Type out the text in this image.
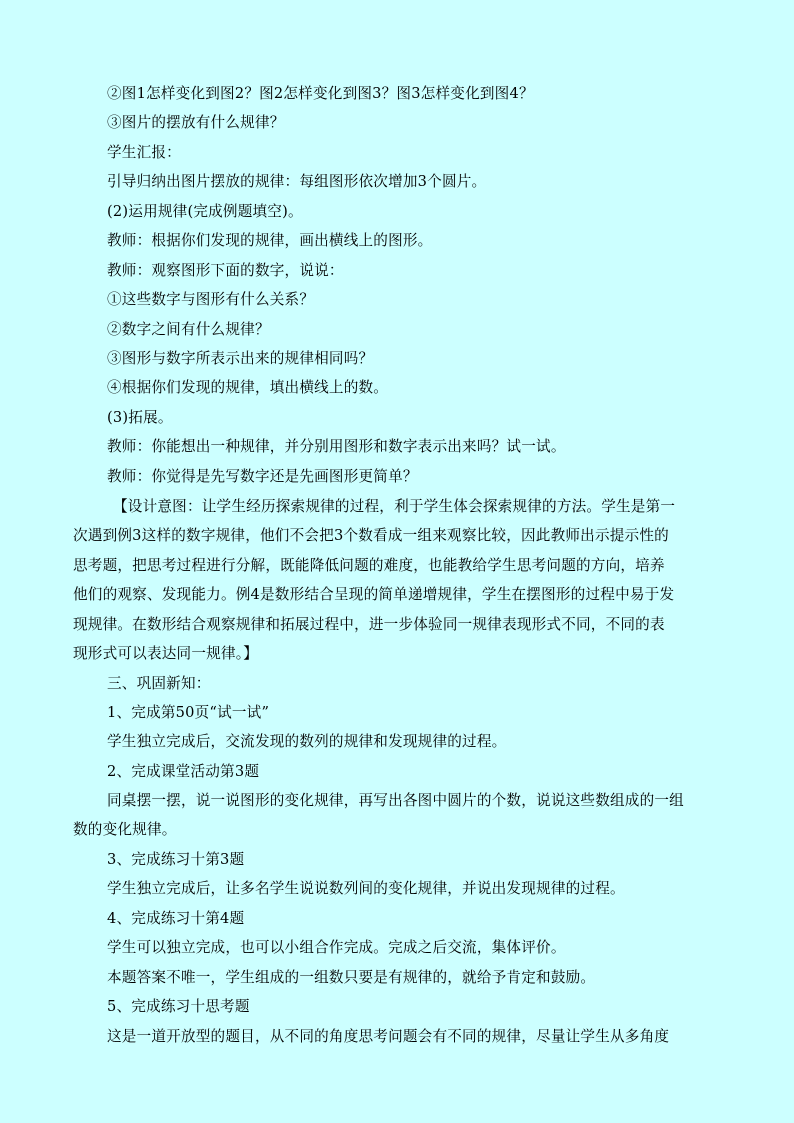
②图1怎样变化到图2？图2怎样变化到图3？图3怎样变化到图4？
③图片的摆放有什么规律？
学生汇报：
引导归纳出图片摆放的规律：每组图形依次增加3个圆片。
(2)运用规律(完成例题填空)。
教师：根据你们发现的规律，画出横线上的图形。
教师：观察图形下面的数字，说说：
①这些数字与图形有什么关系？
②数字之间有什么规律？
③图形与数字所表示出来的规律相同吗？
④根据你们发现的规律，填出横线上的数。
(3)拓展。
教师：你能想出一种规律，并分别用图形和数字表示出来吗？试一试。
教师：你觉得是先写数字还是先画图形更简单？
【设计意图：让学生经历探索规律的过程，利于学生体会探索规律的方法。学生是第一
次遇到例3这样的数字规律，他们不会把3个数看成一组来观察比较，因此教师出示提示性的
思考题，把思考过程进行分解，既能降低问题的难度，也能教给学生思考问题的方向，培养
他们的观察、发现能力。例4是数形结合呈现的简单递增规律，学生在摆图形的过程中易于发
现规律。在数形结合观察规律和拓展过程中，进一步体验同一规律表现形式不同，不同的表
现形式可以表达同一规律。】
三、巩固新知：
1、完成第50页“试一试”
学生独立完成后，交流发现的数列的规律和发现规律的过程。
2、完成课堂活动第3题
同桌摆一摆，说一说图形的变化规律，再写出各图中圆片的个数，说说这些数组成的一组
数的变化规律。
3、完成练习十第3题
学生独立完成后，让多名学生说说数列间的变化规律，并说出发现规律的过程。
4、完成练习十第4题
学生可以独立完成，也可以小组合作完成。完成之后交流，集体评价。
本题答案不唯一，学生组成的一组数只要是有规律的，就给予肯定和鼓励。
5、完成练习十思考题
这是一道开放型的题目，从不同的角度思考问题会有不同的规律，尽量让学生从多角度
